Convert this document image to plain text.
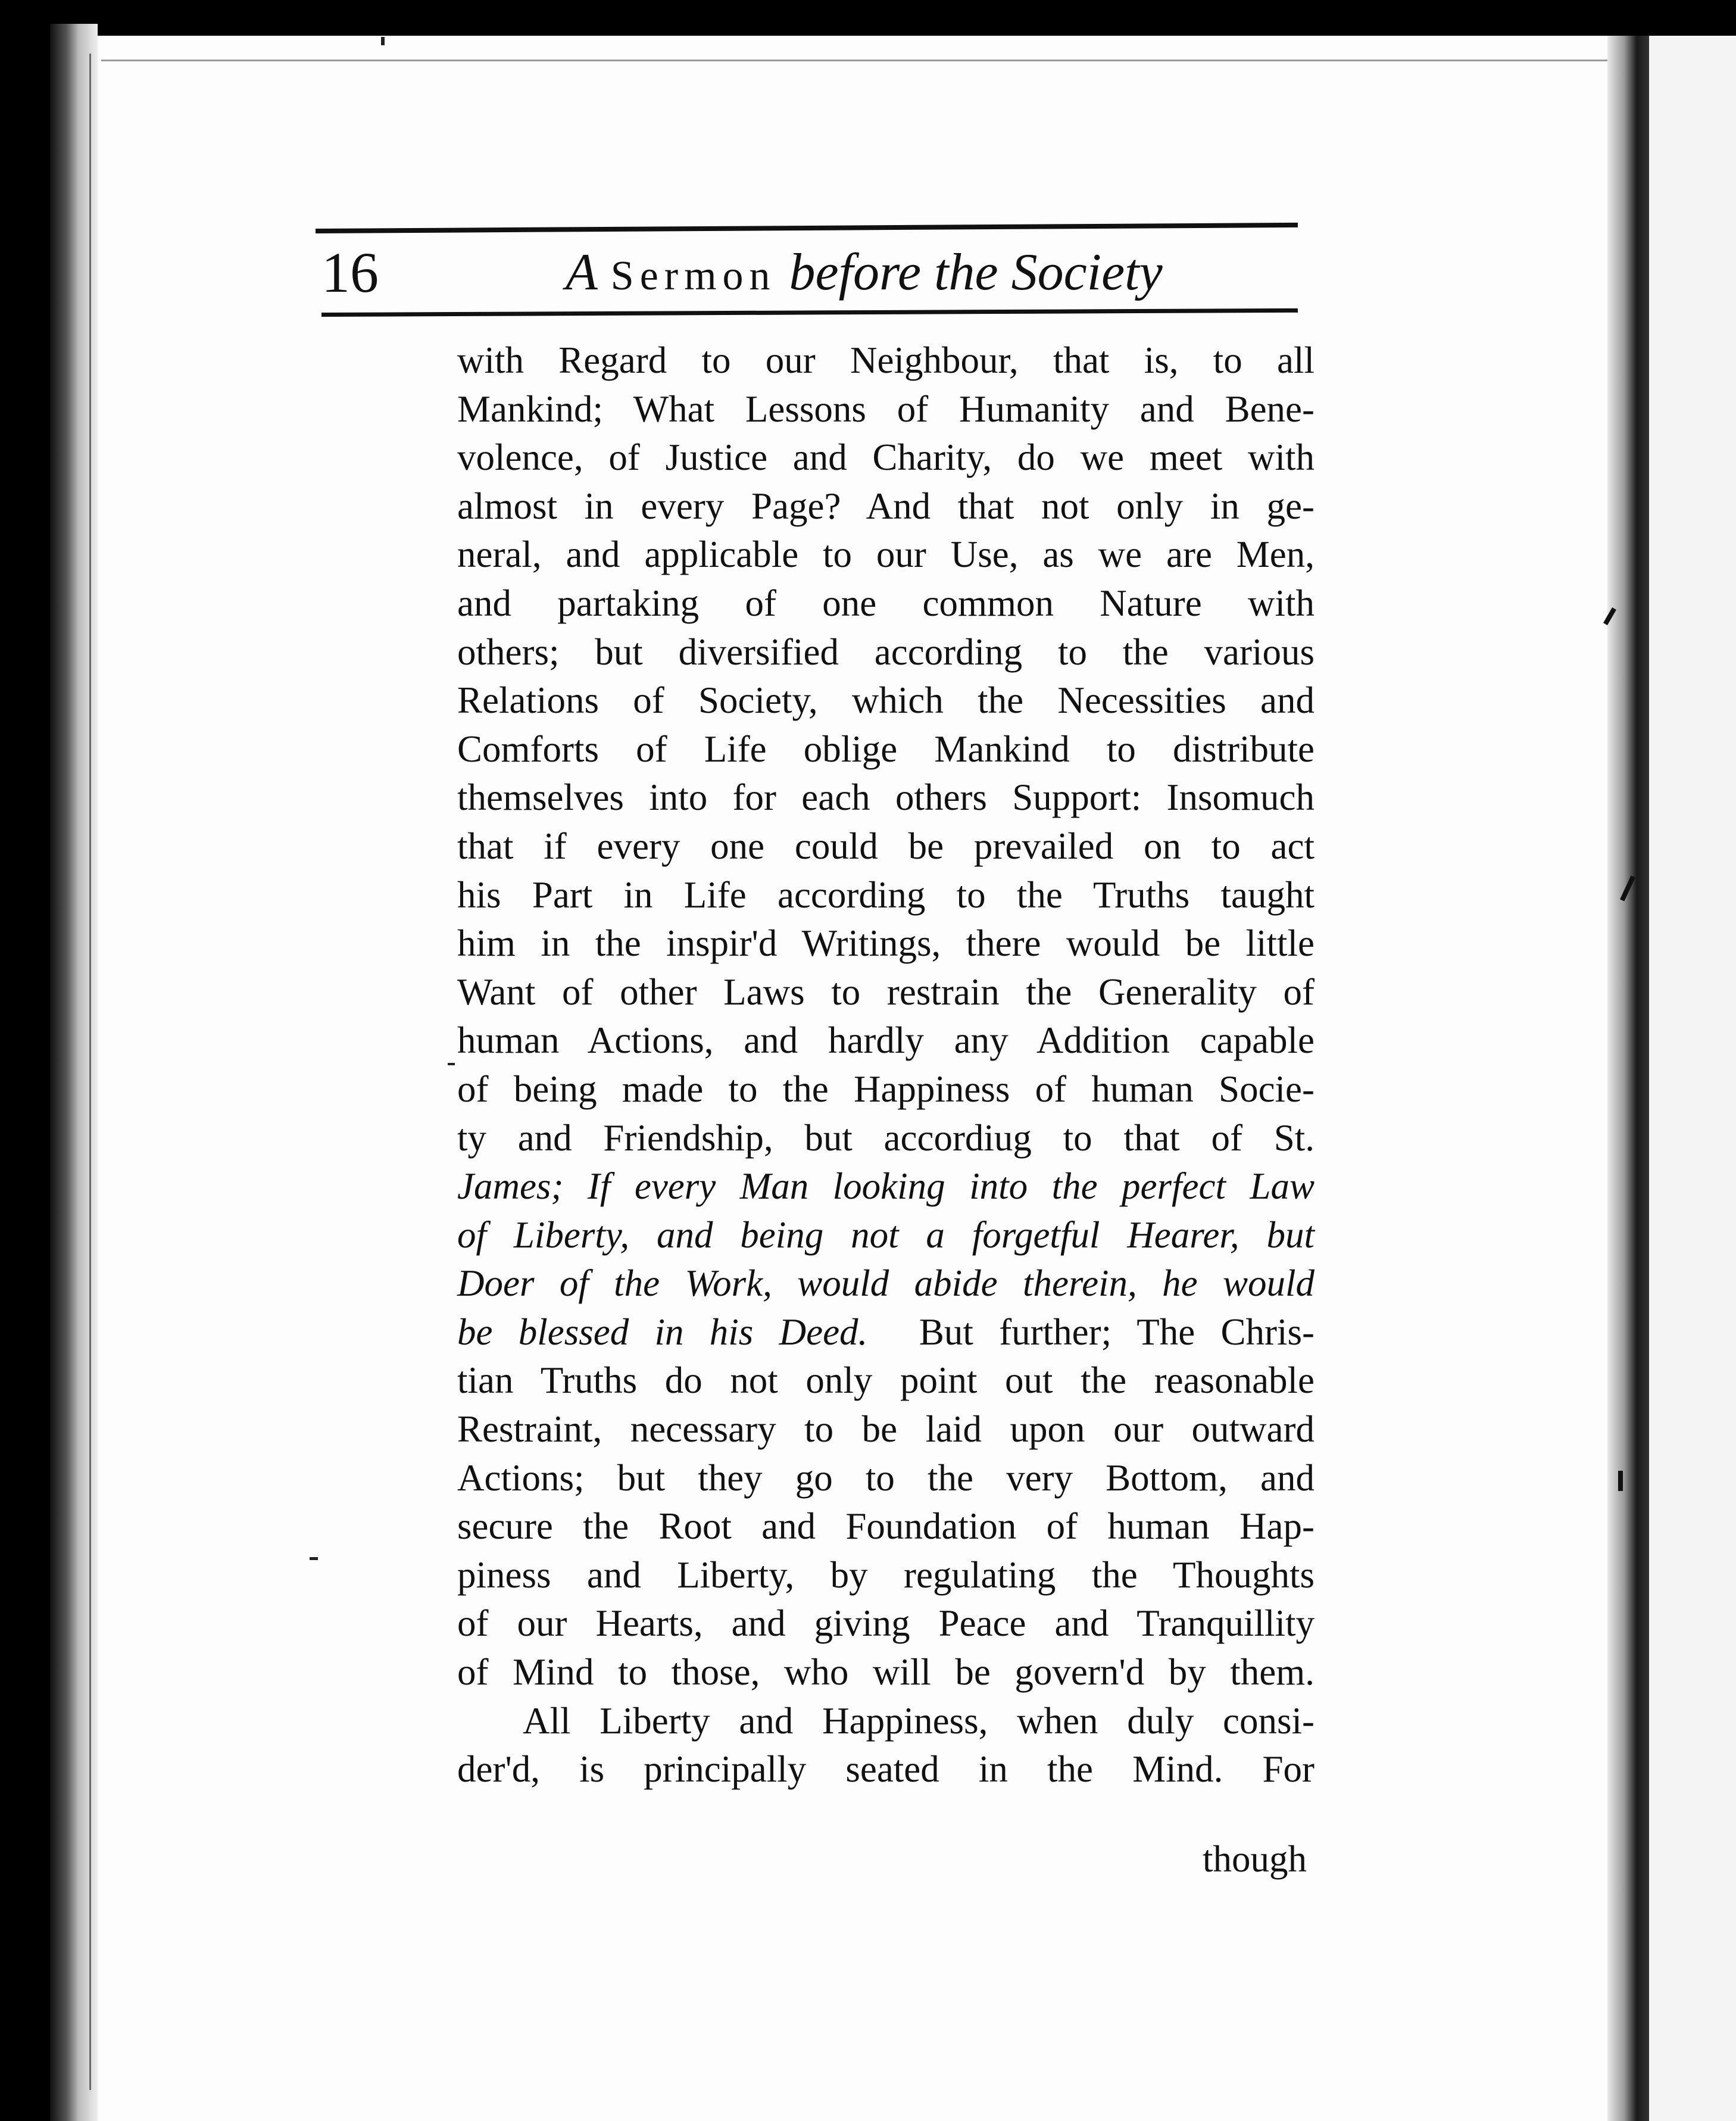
16	A Sermon before the Society
with Regard to our Neighbour, that is, to all
Mankind; What Lessons of Humanity and Bene-
volence, of Justice and Charity, do we meet with
almost in every Page? And that not only in ge-
neral, and applicable to our Use, as we are Men,
and partaking of one common Nature with
others; but diversified according to the various
Relations of Society, which the Necessities and
Comforts of Life oblige Mankind to distribute
themselves into for each others Support: Insomuch
that if every one could be prevailed on to act
his Part in Life according to the Truths taught
him in the inspir'd Writings, there would be little
Want of other Laws to restrain the Generality of
human Actions, and hardly any Addition capable
of being made to the Happiness of human Socie-
ty and Friendship, but accordiug to that of St.
James; If every Man looking into the perfect Law
of Liberty, and being not a forgetful Hearer, but
Doer of the Work, would abide therein, he would
be blessed in his Deed. But further; The Chris-
tian Truths do not only point out the reasonable
Restraint, necessary to be laid upon our outward
Actions; but they go to the very Bottom, and
secure the Root and Foundation of human Hap-
piness and Liberty, by regulating the Thoughts
of our Hearts, and giving Peace and Tranquillity
of Mind to those, who will be govern'd by them.
All Liberty and Happiness, when duly consi-
der'd, is principally seated in the Mind. For
though
